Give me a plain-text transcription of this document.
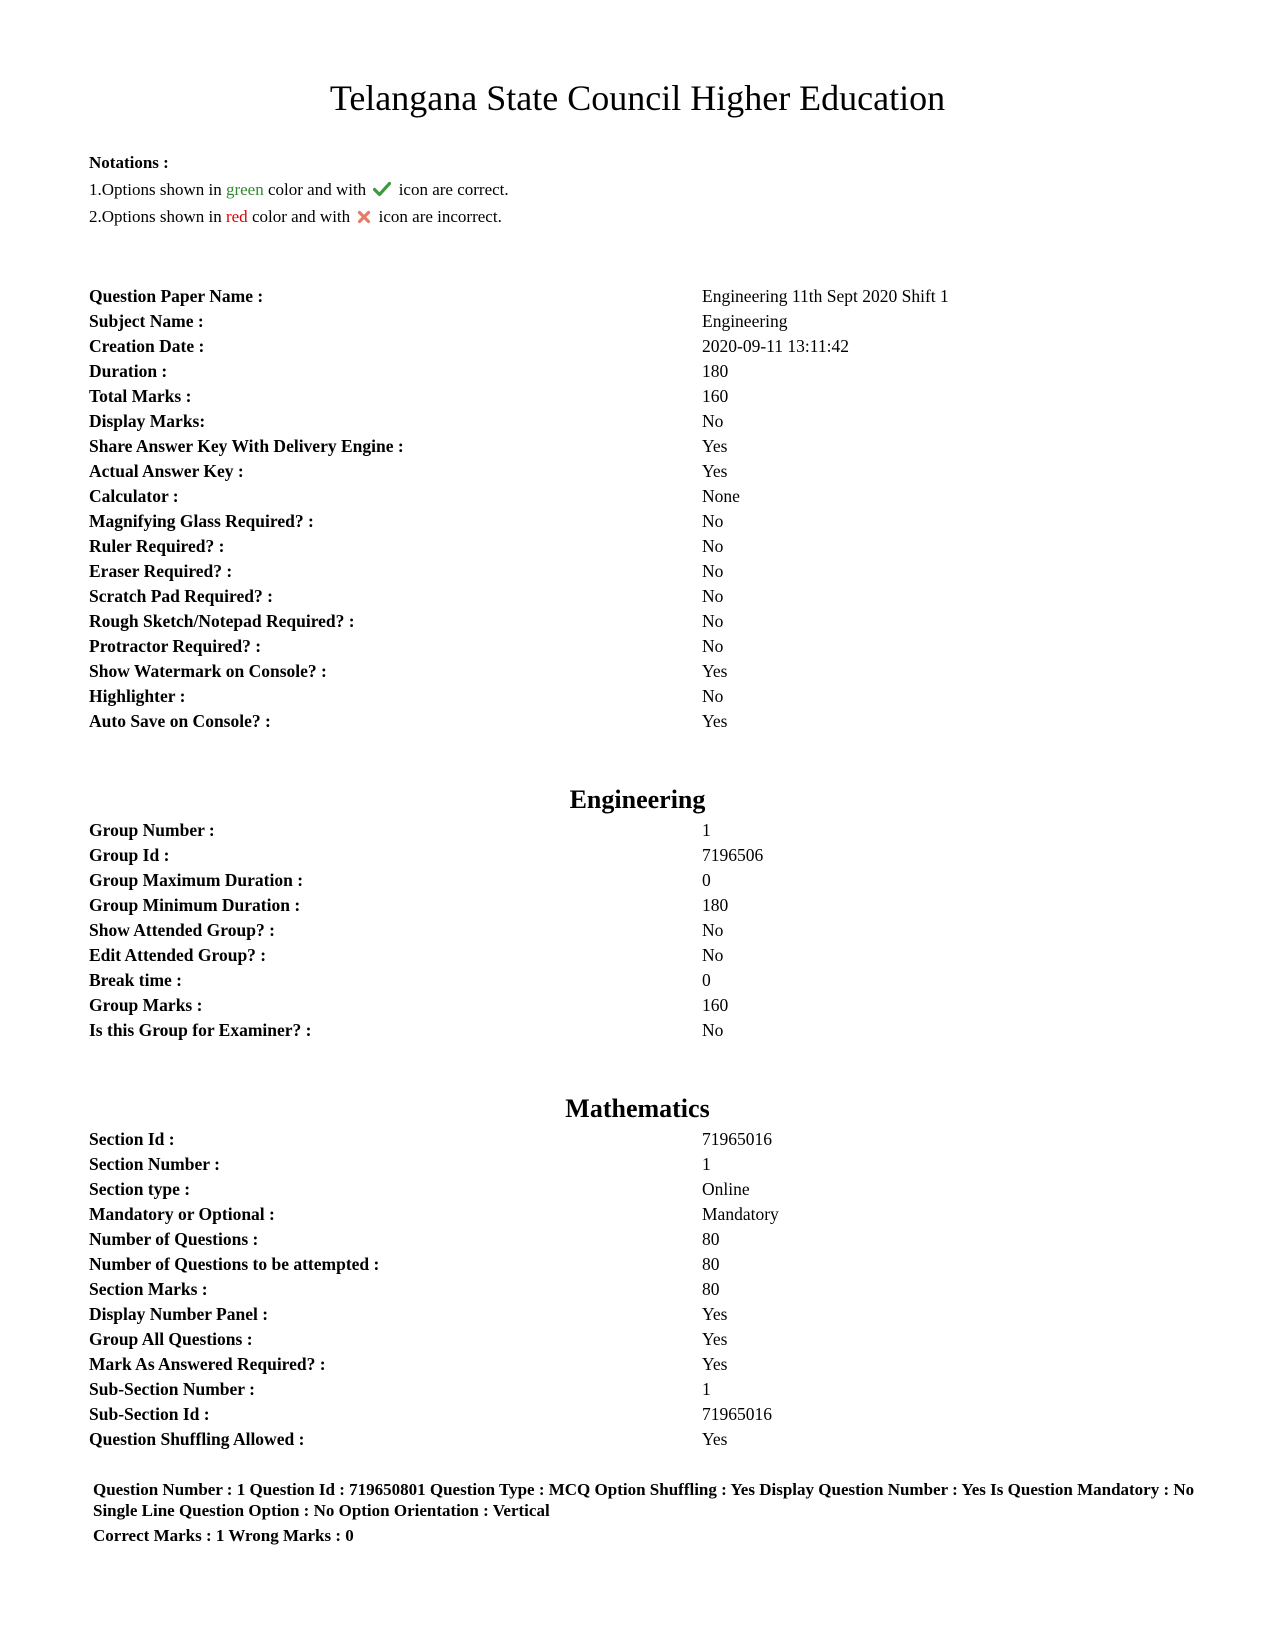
Telangana State Council Higher Education
Notations :
1.Options shown in green color and with icon are correct.
2.Options shown in red color and with icon are incorrect.
Question Paper Name :	Engineering 11th Sept 2020 Shift 1
Subject Name :	Engineering
Creation Date :	2020-09-11 13:11:42
Duration :	180
Total Marks :	160
Display Marks:	No
Share Answer Key With Delivery Engine :	Yes
Actual Answer Key :	Yes
Calculator :	None
Magnifying Glass Required? :	No
Ruler Required? :	No
Eraser Required? :	No
Scratch Pad Required? :	No
Rough Sketch/Notepad Required? :	No
Protractor Required? :	No
Show Watermark on Console? :	Yes
Highlighter :	No
Auto Save on Console? :	Yes
Engineering
Group Number :	1
Group Id :	7196506
Group Maximum Duration :	0
Group Minimum Duration :	180
Show Attended Group? :	No
Edit Attended Group? :	No
Break time :	0
Group Marks :	160
Is this Group for Examiner? :	No
Mathematics
Section Id :	71965016
Section Number :	1
Section type :	Online
Mandatory or Optional :	Mandatory
Number of Questions :	80
Number of Questions to be attempted :	80
Section Marks :	80
Display Number Panel :	Yes
Group All Questions :	Yes
Mark As Answered Required? :	Yes
Sub-Section Number :	1
Sub-Section Id :	71965016
Question Shuffling Allowed :	Yes
Question Number : 1 Question Id : 719650801 Question Type : MCQ Option Shuffling : Yes Display Question Number : Yes Is Question Mandatory : No Single Line Question Option : No Option Orientation : Vertical
Correct Marks : 1 Wrong Marks : 0
